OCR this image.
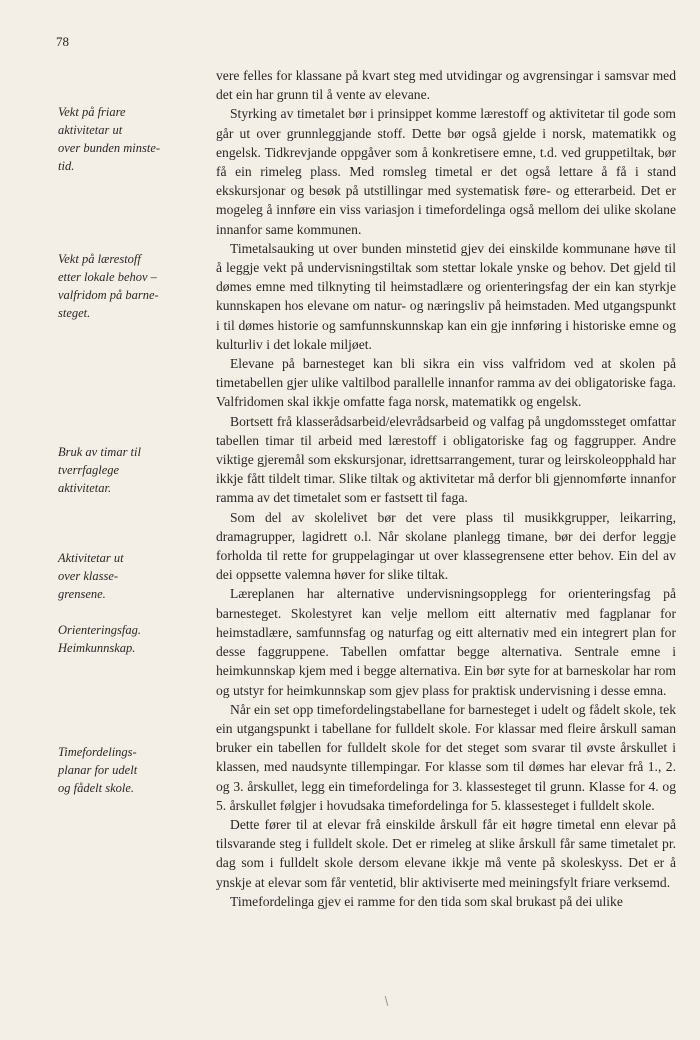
78
Vekt på friare
aktivitetar ut
over bunden minste-
tid.
Vekt på lærestoff
etter lokale behov –
valfridom på barne-
steget.
Bruk av timar til
tverrfaglege
aktivitetar.
Aktivitetar ut
over klasse-
grensene.
Orienteringsfag.
Heimkunnskap.
Timefordelings-
planar for udelt
og fådelt skole.

vere felles for klassane på kvart steg med utvidingar og avgrensingar i samsvar med det ein har grunn til å vente av elevane.

Styrking av timetalet bør i prinsippet komme lærestoff og aktivitetar til gode som går ut over grunnleggjande stoff. Dette bør også gjelde i norsk, matematikk og engelsk. Tidkrevjande oppgåver som å konkretisere emne, t.d. ved gruppetiltak, bør få ein rimeleg plass. Med romsleg timetal er det også lettare å få i stand ekskursjonar og besøk på utstillingar med systematisk føre- og etterarbeid. Det er mogeleg å innføre ein viss variasjon i timefordelinga også mellom dei ulike skolane innanfor same kommunen.

Timetalsauking ut over bunden minstetid gjev dei einskilde kommunane høve til å leggje vekt på undervisningstiltak som stettar lokale ynske og behov. Det gjeld til dømes emne med tilknyting til heimstadlære og orienteringsfag der ein kan styrkje kunnskapen hos elevane om natur- og næringsliv på heimstaden. Med utgangspunkt i til dømes historie og samfunnskunnskap kan ein gje innføring i historiske emne og kulturliv i det lokale miljøet.

Elevane på barnesteget kan bli sikra ein viss valfridom ved at skolen på timetabellen gjer ulike valtilbod parallelle innanfor ramma av dei obligatoriske faga. Valfridomen skal ikkje omfatte faga norsk, matematikk og engelsk.

Bortsett frå klasserådsarbeid/elevrådsarbeid og valfag på ungdomssteget omfattar tabellen timar til arbeid med lærestoff i obligatoriske fag og faggrupper. Andre viktige gjeremål som ekskursjonar, idrettsarrangement, turar og leirskoleopphald har ikkje fått tildelt timar. Slike tiltak og aktivitetar må derfor bli gjennomførte innanfor ramma av det timetalet som er fastsett til faga.

Som del av skolelivet bør det vere plass til musikkgrupper, leikarring, dramagrupper, lagidrett o.l. Når skolane planlegg timane, bør dei derfor leggje forholda til rette for gruppelagingar ut over klassegrensene etter behov. Ein del av dei oppsette valemna høver for slike tiltak.

Læreplanen har alternative undervisningsopplegg for orienteringsfag på barnesteget. Skolestyret kan velje mellom eitt alternativ med fagplanar for heimstadlære, samfunnsfag og naturfag og eitt alternativ med ein integrert plan for desse faggruppene. Tabellen omfattar begge alternativa. Sentrale emne i heimkunnskap kjem med i begge alternativa. Ein bør syte for at barneskolar har rom og utstyr for heimkunnskap som gjev plass for praktisk undervisning i desse emna.

Når ein set opp timefordelingstabellane for barnesteget i udelt og fådelt skole, tek ein utgangspunkt i tabellane for fulldelt skole. For klassar med fleire årskull saman bruker ein tabellen for fulldelt skole for det steget som svarar til øvste årskullet i klassen, med naudsynte tillempingar. For klasse som til dømes har elevar frå 1., 2. og 3. årskullet, legg ein timefordelinga for 3. klassesteget til grunn. Klasse for 4. og 5. årskullet følgjer i hovudsaka timefordelinga for 5. klassesteget i fulldelt skole.

Dette fører til at elevar frå einskilde årskull får eit høgre timetal enn elevar på tilsvarande steg i fulldelt skole. Det er rimeleg at slike årskull får same timetalet pr. dag som i fulldelt skole dersom elevane ikkje må vente på skoleskyss. Det er å ynskje at elevar som får ventetid, blir aktiviserte med meiningsfylt friare verksemd.

Timefordelinga gjev ei ramme for den tida som skal brukast på dei ulike
